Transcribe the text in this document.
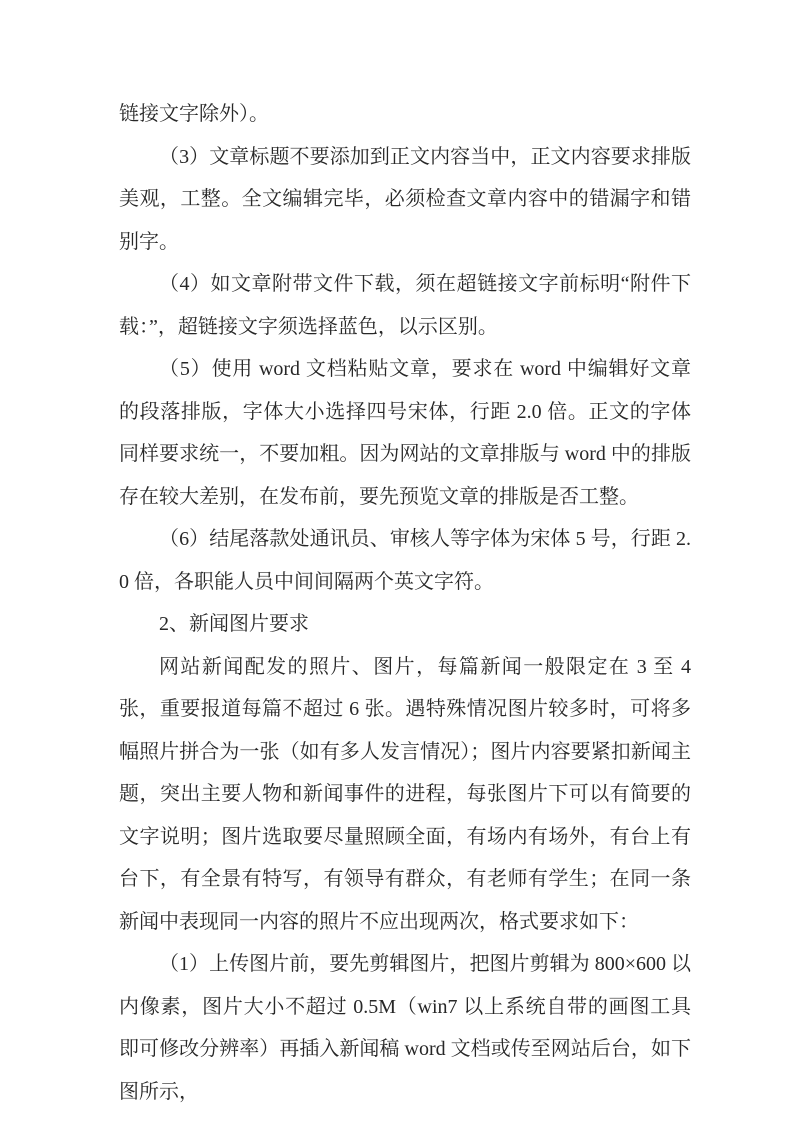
链接文字除外）。

（3）文章标题不要添加到正文内容当中，正文内容要求排版美观，工整。全文编辑完毕，必须检查文章内容中的错漏字和错别字。

（4）如文章附带文件下载，须在超链接文字前标明“附件下载：”，超链接文字须选择蓝色，以示区别。

（5）使用 word 文档粘贴文章，要求在 word 中编辑好文章的段落排版，字体大小选择四号宋体，行距 2.0 倍。正文的字体同样要求统一，不要加粗。因为网站的文章排版与 word 中的排版存在较大差别，在发布前，要先预览文章的排版是否工整。

（6）结尾落款处通讯员、审核人等字体为宋体 5 号，行距 2.0 倍，各职能人员中间间隔两个英文字符。

2、新闻图片要求

网站新闻配发的照片、图片，每篇新闻一般限定在 3 至 4 张，重要报道每篇不超过 6 张。遇特殊情况图片较多时，可将多幅照片拼合为一张（如有多人发言情况）；图片内容要紧扣新闻主题，突出主要人物和新闻事件的进程，每张图片下可以有简要的文字说明；图片选取要尽量照顾全面，有场内有场外，有台上有台下，有全景有特写，有领导有群众，有老师有学生；在同一条新闻中表现同一内容的照片不应出现两次，格式要求如下：

（1）上传图片前，要先剪辑图片，把图片剪辑为 800×600 以内像素，图片大小不超过 0.5M（win7 以上系统自带的画图工具即可修改分辨率）再插入新闻稿 word 文档或传至网站后台，如下图所示，
